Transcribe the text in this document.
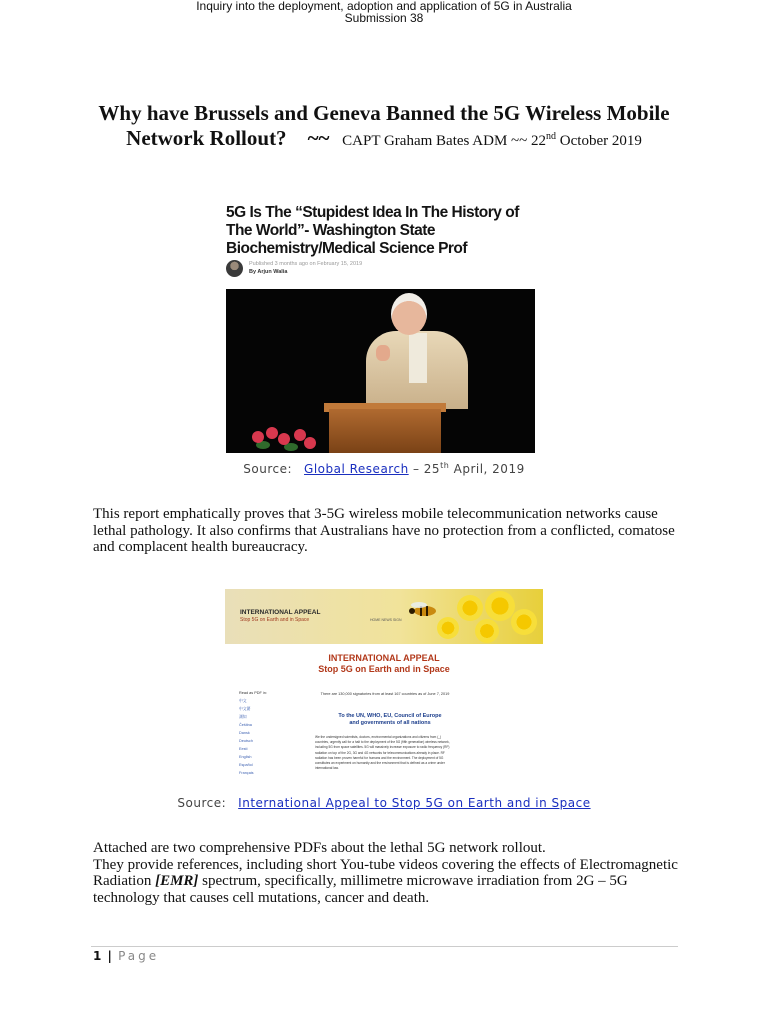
Inquiry into the deployment, adoption and application of 5G in Australia
Submission 38
Why have Brussels and Geneva Banned the 5G Wireless Mobile Network Rollout? ~~ CAPT Graham Bates ADM ~~ 22nd October 2019
5G Is The “Stupidest Idea In The History of The World”- Washington State Biochemistry/Medical Science Prof
Published 3 months ago on February 15, 2019
By Arjun Walia
Source: Global Research – 25th April, 2019
This report emphatically proves that 3-5G wireless mobile telecommunication networks cause lethal pathology. It also confirms that Australians have no protection from a conflicted, comatose and complacent health bureaucracy.
INTERNATIONAL APPEAL
Stop 5G on Earth and in Space	HOME NEWS SIGN
INTERNATIONAL APPEAL
Stop 5G on Earth and in Space
Read as PDF in:
中文
中文繁
測知
Čeština
Dansk
Deutsch
Eesti
English
Español
Français
There are 130,000 signatories from at least 167 countries as of June 7, 2019
To the UN, WHO, EU, Council of Europe
and governments of all nations
We the undersigned scientists, doctors, environmental organizations and citizens from (_) countries, urgently call for a halt to the deployment of the 5G (fifth generation) wireless network, including 5G from space satellites. 5G will massively increase exposure to radio frequency (RF) radiation on top of the 2G, 3G and 4G networks for telecommunications already in place. RF radiation has been proven harmful for humans and the environment. The deployment of 5G constitutes an experiment on humanity and the environment that is defined as a crime under international law.
Source: International Appeal to Stop 5G on Earth and in Space
Attached are two comprehensive PDFs about the lethal 5G network rollout.
They provide references, including short You-tube videos covering the effects of Electromagnetic Radiation [EMR] spectrum, specifically, millimetre microwave irradiation from 2G – 5G technology that causes cell mutations, cancer and death.
1 | Page
